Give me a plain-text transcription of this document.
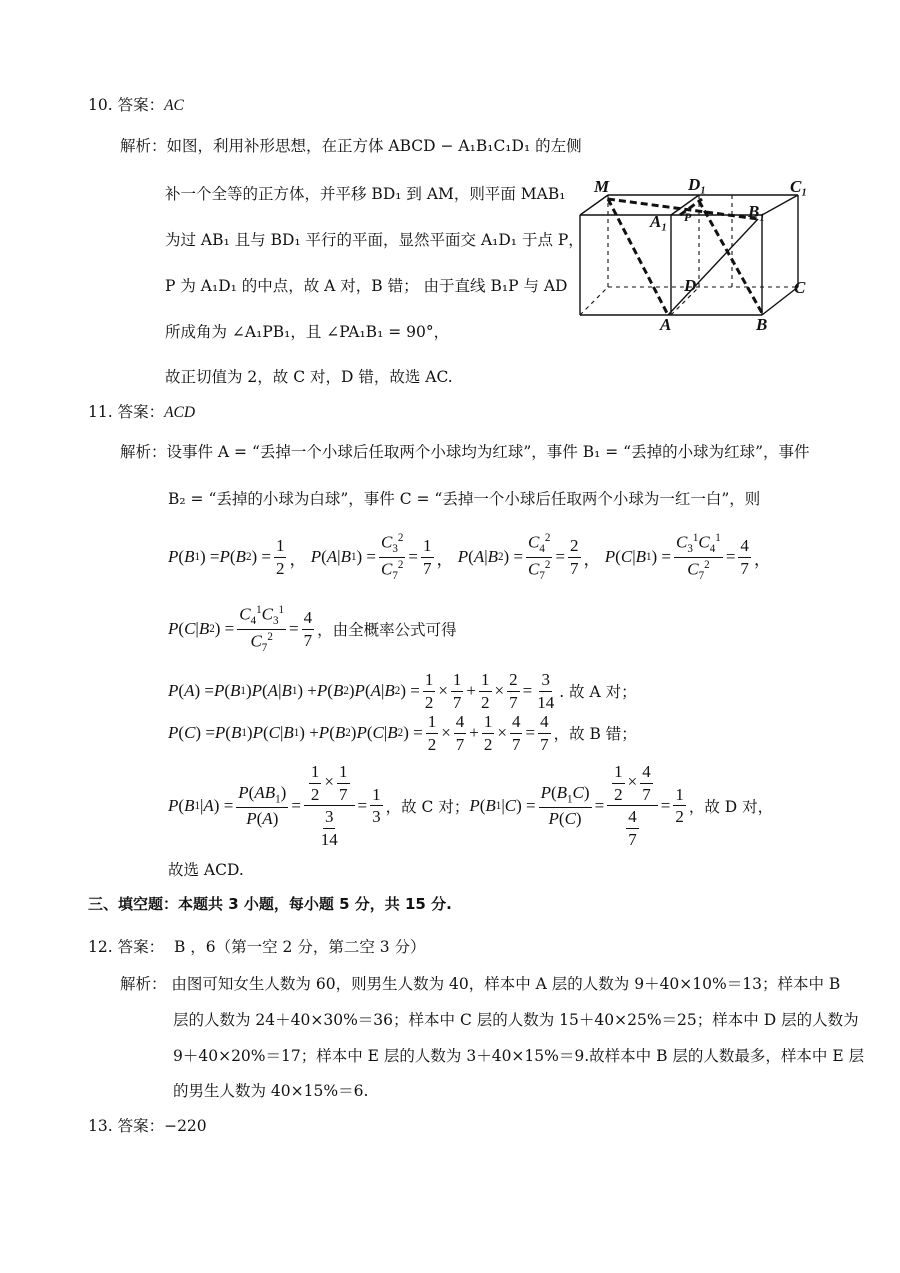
10. 答案：AC
解析：如图，利用补形思想，在正方体 ABCD − A₁B₁C₁D₁ 的左侧
补一个全等的正方体，并平移 BD₁ 到 AM，则平面 MAB₁
为过 AB₁ 且与 BD₁ 平行的平面，显然平面交 A₁D₁ 于点 P，
P 为 A₁D₁ 的中点，故 A 对，B 错； 由于直线 B₁P 与 AD
所成角为 ∠A₁PB₁，且 ∠PA₁B₁ = 90°，
故正切值为 2，故 C 对，D 错，故选 AC.
M	D₁	C₁
A₁ P	B₁
D	C
A	B
11. 答案：ACD
解析：设事件 A = “丢掉一个小球后任取两个小球均为红球”，事件 B₁ = “丢掉的小球为红球”，事件
B₂ = “丢掉的小球为白球”，事件 C = “丢掉一个小球后任取两个小球为一红一白”，则
P ( B 1 ) = P ( B 2 ) = $\frac{1}{2}$ ， P ( A | B 1 ) = $\frac{C_3^2}{C_7^2} = \frac{1}{7}$ ， P ( A | B 2 ) = $\frac{C_4^2}{C_7^2} = \frac{2}{7}$ ， P ( C | B 1 ) = $\frac{C_3^1C_4^1}{C_7^2} = \frac{4}{7}$ ，
P ( C | B 2 ) = $\frac{C_4^1C_3^1}{C_7^2} = \frac{4}{7}$ ，由全概率公式可得
P ( A ) = P ( B 1 ) P ( A | B 1 ) + P ( B 2 ) P ( A | B 2 ) = $\frac{1}{2} \times \frac{1}{7} + \frac{1}{2} \times \frac{2}{7} = \frac{3}{14}$ . 故 A 对；
P ( C ) = P ( B 1 ) P ( C | B 1 ) + P ( B 2 ) P ( C | B 2 ) = $\frac{1}{2} \times \frac{4}{7} + \frac{1}{2} \times \frac{4}{7} = \frac{4}{7}$ ，故 B 错；
P ( B 1 | A ) = $\frac{P(AB_1)}{P(A)} = \frac{\frac{1}{2} \times \frac{1}{7}}{\frac{3}{14}} = \frac{1}{3}$ ，故 C 对； P ( B 1 | C ) = $\frac{P(B_1C)}{P(C)} = \frac{\frac{1}{2} \times \frac{4}{7}}{\frac{4}{7}} = \frac{1}{2}$ ，故 D 对，
故选 ACD.
三、填空题：本题共 3 小题，每小题 5 分，共 15 分.
12. 答案： B ，6（第一空 2 分，第二空 3 分）
解析： 由图可知女生人数为 60，则男生人数为 40，样本中 A 层的人数为 9＋40×10%＝13；样本中 B
层的人数为 24＋40×30%＝36；样本中 C 层的人数为 15＋40×25%＝25；样本中 D 层的人数为
9＋40×20%＝17；样本中 E 层的人数为 3＋40×15%＝9.故样本中 B 层的人数最多，样本中 E 层
的男生人数为 40×15%＝6.
13. 答案：−220
